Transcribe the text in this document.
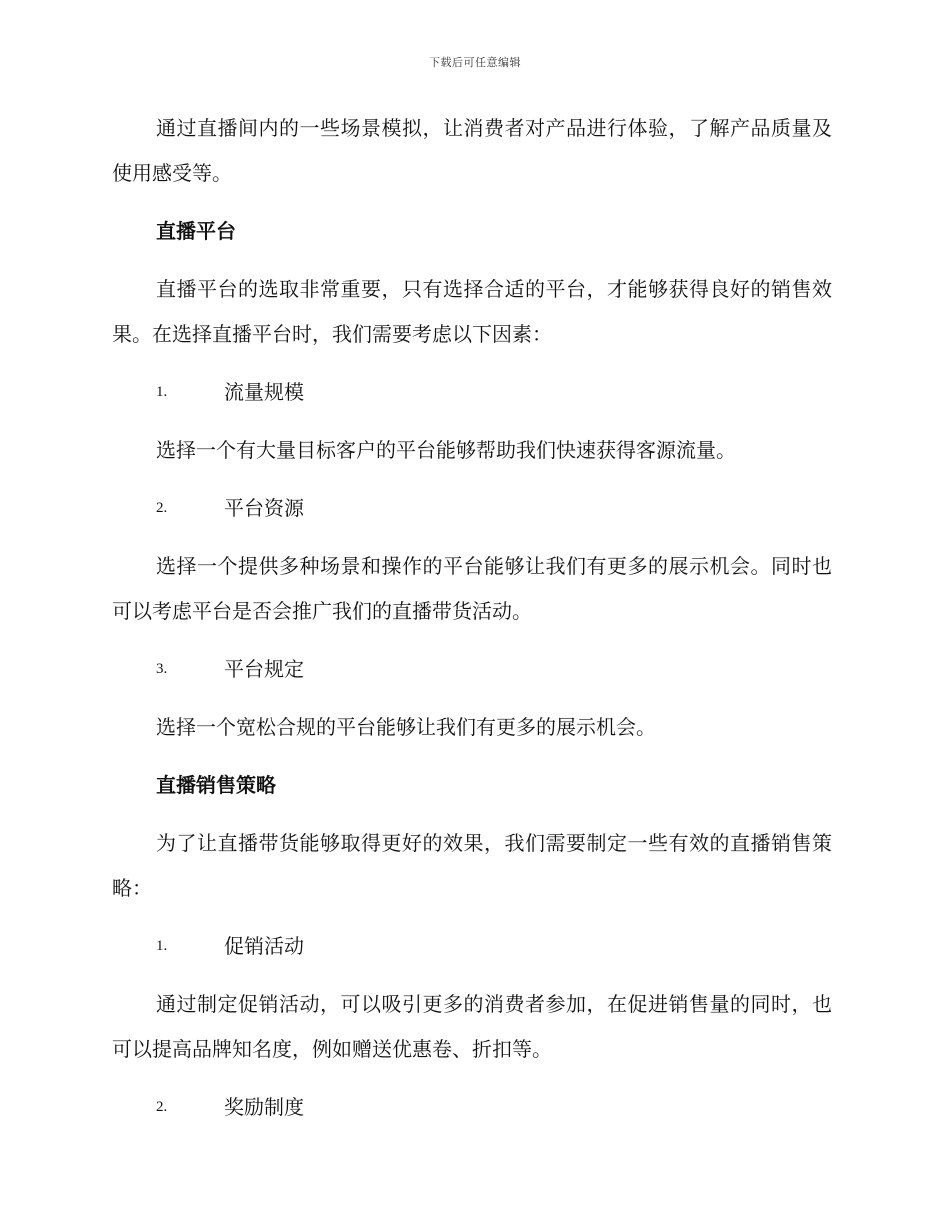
下载后可任意编辑

通过直播间内的一些场景模拟，让消费者对产品进行体验，了解产品质量及使用感受等。

直播平台

直播平台的选取非常重要，只有选择合适的平台，才能够获得良好的销售效果。在选择直播平台时，我们需要考虑以下因素：

1.	流量规模

选择一个有大量目标客户的平台能够帮助我们快速获得客源流量。

2.	平台资源

选择一个提供多种场景和操作的平台能够让我们有更多的展示机会。同时也可以考虑平台是否会推广我们的直播带货活动。

3.	平台规定

选择一个宽松合规的平台能够让我们有更多的展示机会。

直播销售策略

为了让直播带货能够取得更好的效果，我们需要制定一些有效的直播销售策略：

1.	促销活动

通过制定促销活动，可以吸引更多的消费者参加，在促进销售量的同时，也可以提高品牌知名度，例如赠送优惠卷、折扣等。

2.	奖励制度
